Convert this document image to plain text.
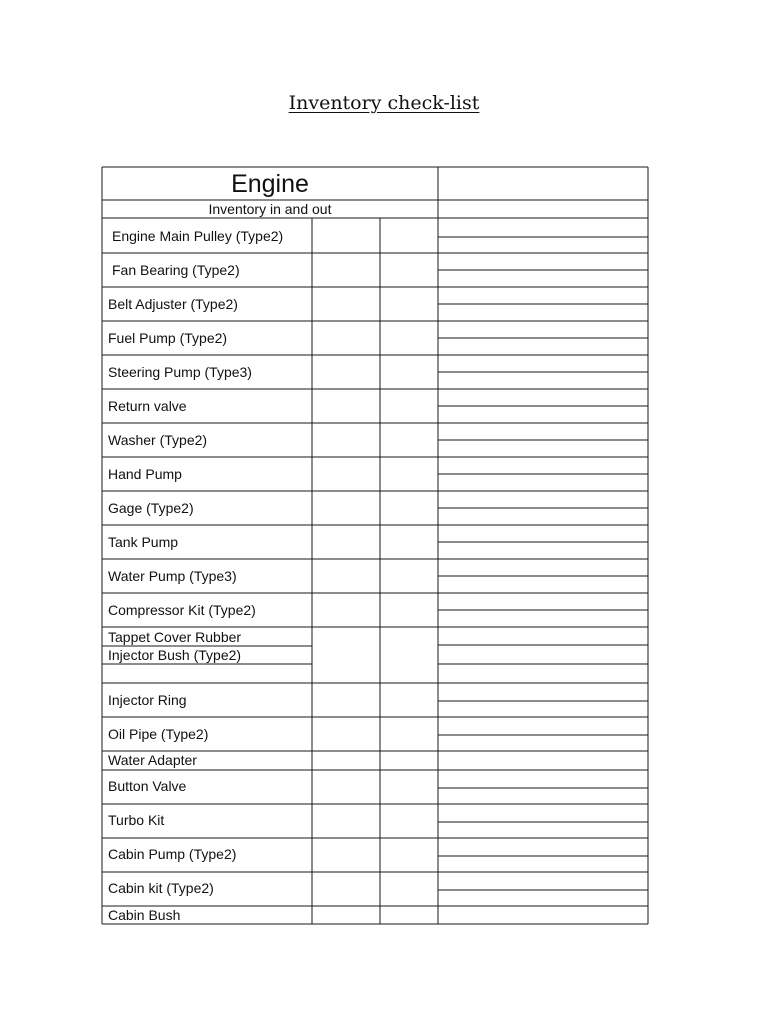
Inventory check-list
Engine
Inventory in and out
Engine Main Pulley (Type2)
Fan Bearing (Type2)
Belt Adjuster (Type2)
Fuel Pump (Type2)
Steering Pump (Type3)
Return valve
Washer (Type2)
Hand Pump
Gage (Type2)
Tank Pump
Water Pump (Type3)
Compressor Kit (Type2)
Tappet Cover Rubber
Injector Bush (Type2)
Injector Ring
Oil Pipe (Type2)
Water Adapter
Button Valve
Turbo Kit
Cabin Pump (Type2)
Cabin kit (Type2)
Cabin Bush
